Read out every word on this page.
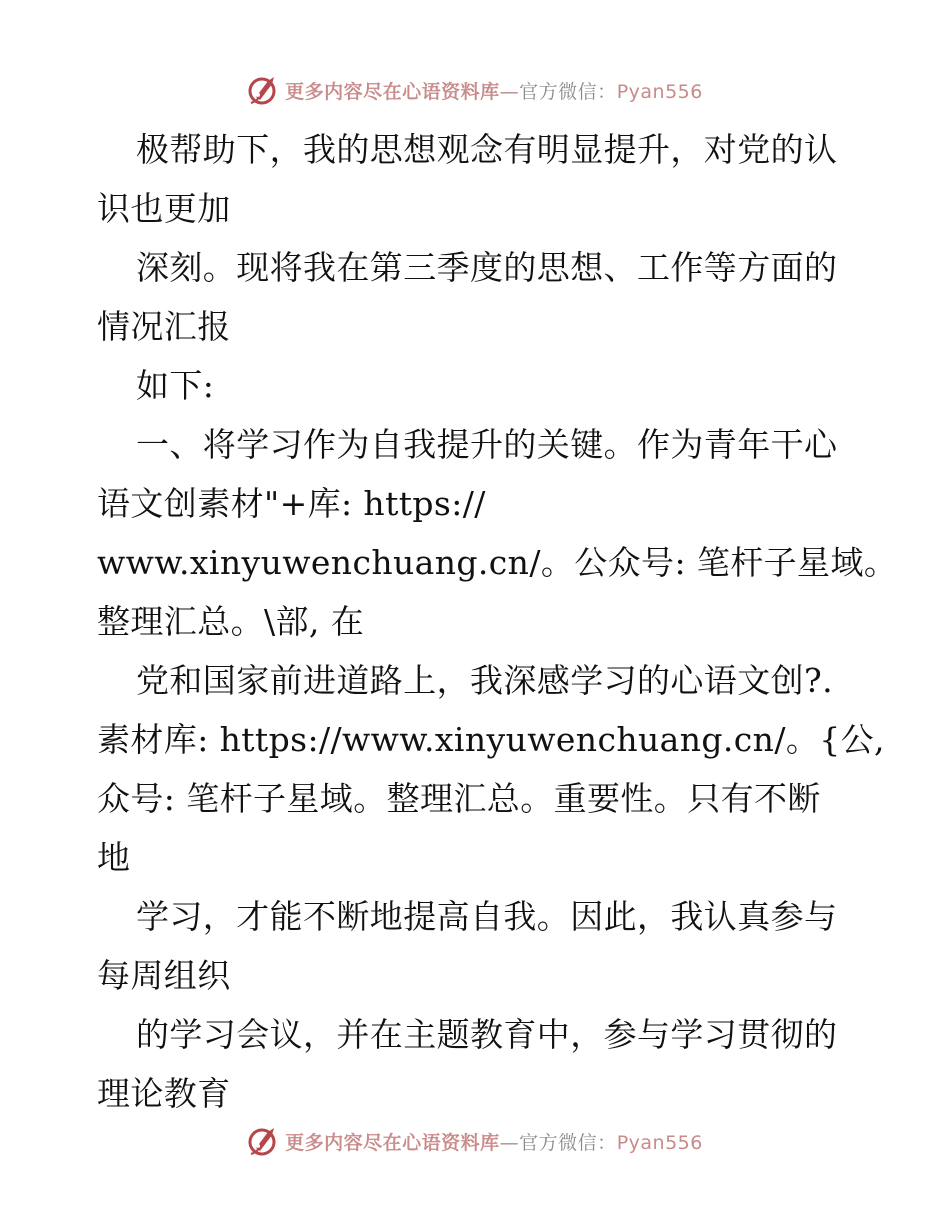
更多内容尽在心语资料库—官方微信：Pyan556
极帮助下，我的思想观念有明显提升，对党的认
识也更加
深刻。现将我在第三季度的思想、工作等方面的
情况汇报
如下:
一、将学习作为自我提升的关键。作为青年干心
语文创素材"+库: https://
www.xinyuwenchuang.cn/。公众号: 笔杆子星域。
整理汇总。\部, 在
党和国家前进道路上，我深感学习的心语文创?.
素材库: https://www.xinyuwenchuang.cn/。{公,
众号: 笔杆子星域。整理汇总。重要性。只有不断
地
学习，才能不断地提高自我。因此，我认真参与
每周组织
的学习会议，并在主题教育中，参与学习贯彻的
理论教育
更多内容尽在心语资料库—官方微信：Pyan556
